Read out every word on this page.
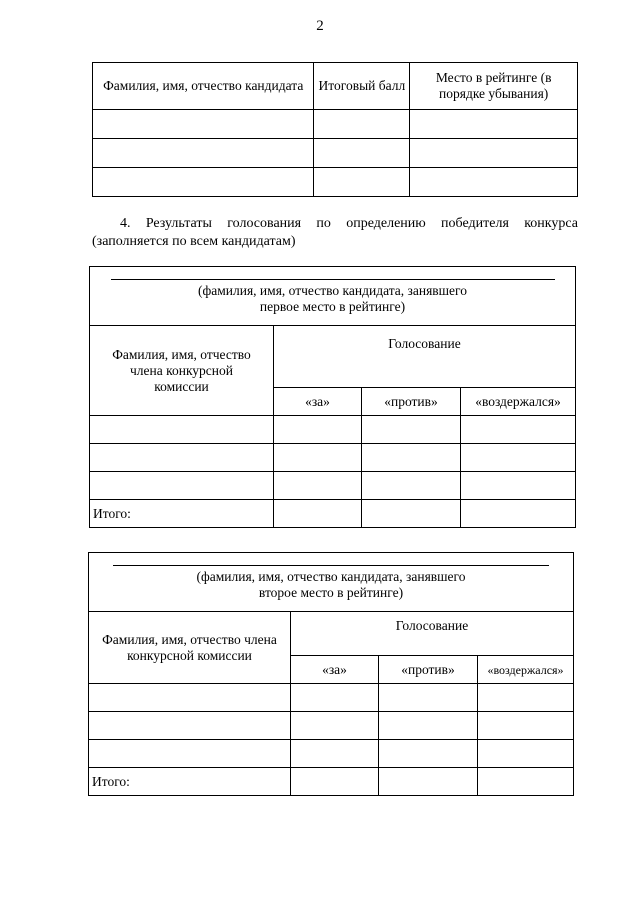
2
Фамилия, имя, отчество кандидата	Итоговый балл	Место в рейтинге (в порядке убывания)

4. Результаты голосования по определению победителя конкурса
(заполняется по всем кандидатам)
(фамилия, имя, отчество кандидата, занявшего первое место в рейтинге)			

Фамилия, имя, отчество члена конкурсной комиссии	Голосование		
	«за»	«против»	«воздержался»

Итого:			
(фамилия, имя, отчество кандидата, занявшего второе место в рейтинге)			

Фамилия, имя, отчество члена конкурсной комиссии	Голосование		
	«за»	«против»	«воздержался»

Итого:			
